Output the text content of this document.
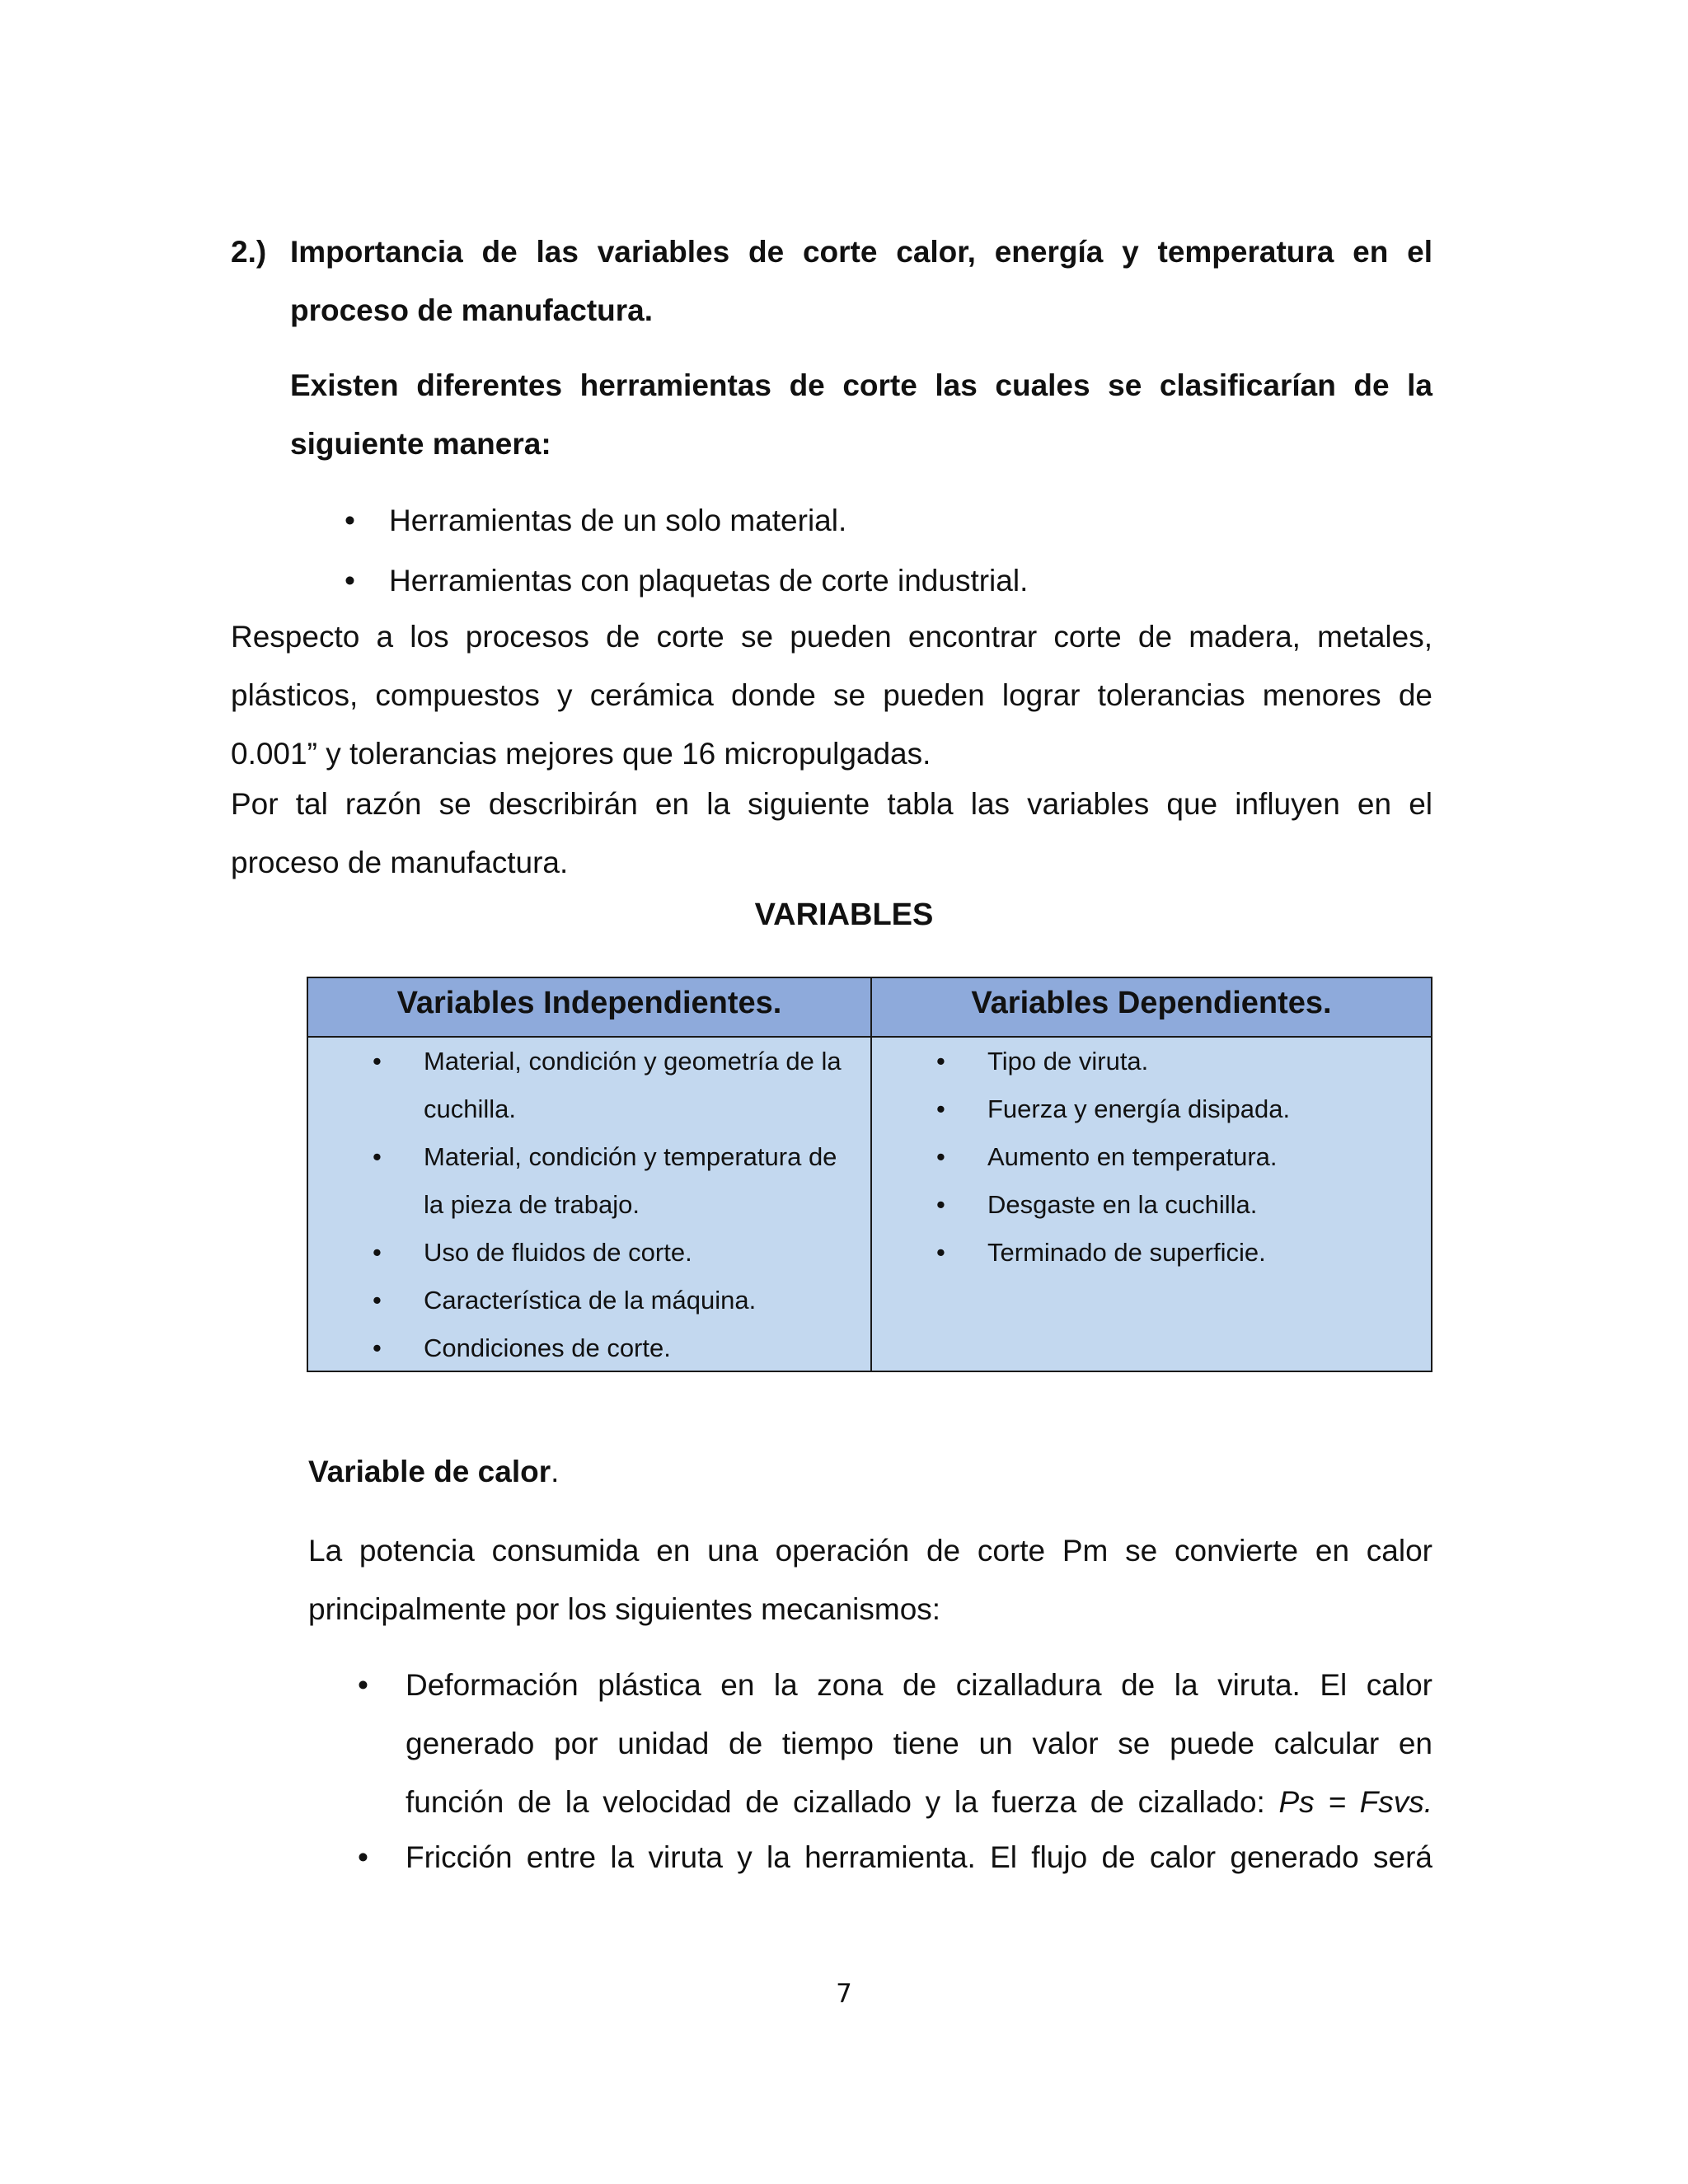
2.) Importancia de las variables de corte calor, energía y temperatura en el
proceso de manufactura.
Existen diferentes herramientas de corte las cuales se clasificarían de la
siguiente manera:
• Herramientas de un solo material.
• Herramientas con plaquetas de corte industrial.
Respecto a los procesos de corte se pueden encontrar corte de madera, metales,
plásticos, compuestos y cerámica donde se pueden lograr tolerancias menores de
0.001” y tolerancias mejores que 16 micropulgadas.
Por tal razón se describirán en la siguiente tabla las variables que influyen en el
proceso de manufactura.
VARIABLES
Variables Independientes.	Variables Dependientes.
• Material, condición y geometría de la cuchilla.
• Material, condición y temperatura de la pieza de trabajo.
• Uso de fluidos de corte.
• Característica de la máquina.
• Condiciones de corte.
• Tipo de viruta.
• Fuerza y energía disipada.
• Aumento en temperatura.
• Desgaste en la cuchilla.
• Terminado de superficie.
Variable de calor.
La potencia consumida en una operación de corte Pm se convierte en calor
principalmente por los siguientes mecanismos:
• Deformación plástica en la zona de cizalladura de la viruta. El calor
generado por unidad de tiempo tiene un valor se puede calcular en
función de la velocidad de cizallado y la fuerza de cizallado: Ps = Fsvs.
• Fricción entre la viruta y la herramienta. El flujo de calor generado será
7
